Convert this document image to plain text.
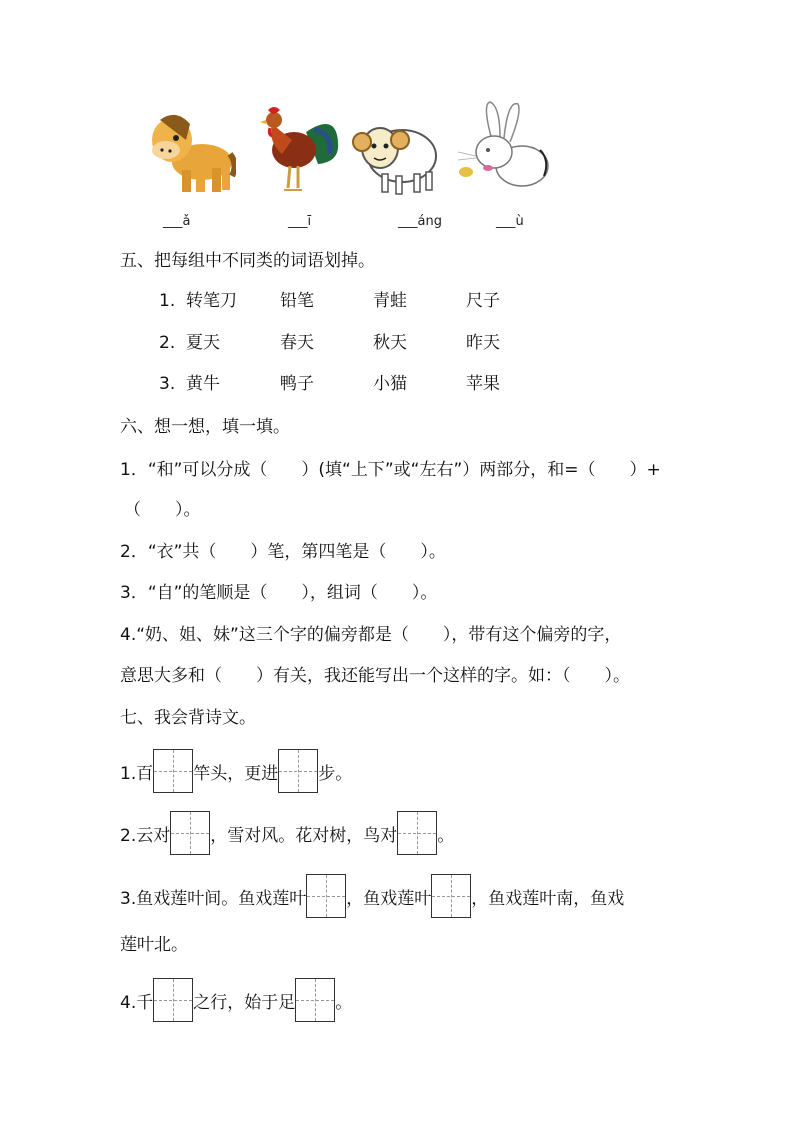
___ǎ	___ī	___áng	___ù
五、把每组中不同类的词语划掉。
1. 转笔刀	铅笔	青蛙	尺子
2. 夏天	春天	秋天	昨天
3. 黄牛	鸭子	小猫	苹果
六、想一想，填一填。
1．“和”可以分成（　　）(填“上下”或“左右”）两部分，和=（　　）+
（　　）。
2．“衣”共（　　）笔，第四笔是（　　）。
3．“自”的笔顺是（　　），组词（　　）。
4.“奶、姐、妹”这三个字的偏旁都是（　　），带有这个偏旁的字，
意思大多和（　　）有关，我还能写出一个这样的字。如：（　　）。
七、我会背诗文。
1.百 竿头，更进 步。
2.云对 ，雪对风。花对树，鸟对 。
3.鱼戏莲叶间。鱼戏莲叶 ，鱼戏莲叶 ，鱼戏莲叶南，鱼戏
莲叶北。
4.千 之行，始于足 。
